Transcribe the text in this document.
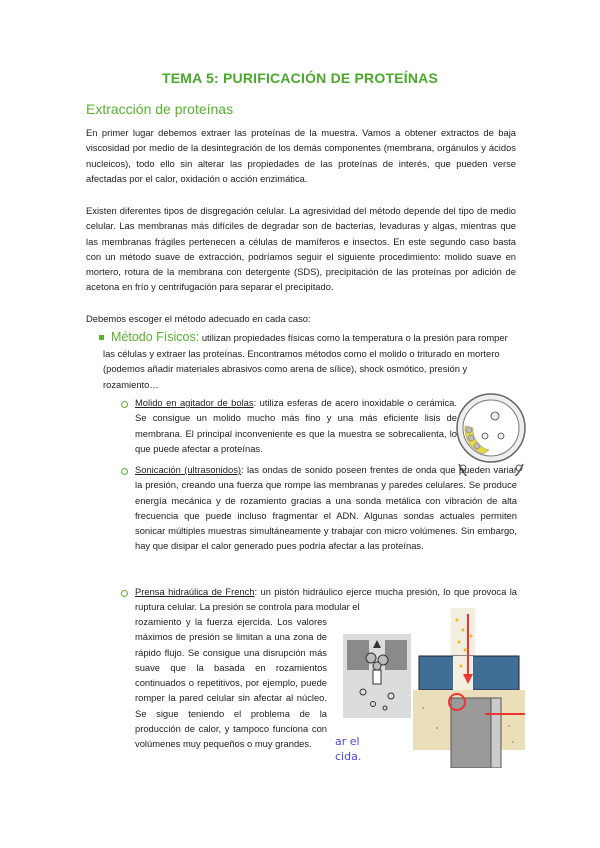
TEMA 5: PURIFICACIÓN DE PROTEÍNAS
Extracción de proteínas
En primer lugar debemos extraer las proteínas de la muestra. Vamos a obtener extractos de baja viscosidad por medio de la desintegración de los demás componentes (membrana, orgánulos y ácidos nucleicos), todo ello sin alterar las propiedades de las proteínas de interés, que pueden verse afectadas por el calor, oxidación o acción enzimática.
Existen diferentes tipos de disgregación celular. La agresividad del método depende del tipo de medio celular. Las membranas más difíciles de degradar son de bacterias, levaduras y algas, mientras que las membranas frágiles pertenecen a células de mamíferos e insectos. En este segundo caso basta con un método suave de extracción, podríamos seguir el siguiente procedimiento: molido suave en mortero, rotura de la membrana con detergente (SDS), precipitación de las proteínas por adición de acetona en frío y centrifugación para separar el precipitado.
Debemos escoger el método adecuado en cada caso:
Método Físicos: utilizan propiedades físicas como la temperatura o la presión para romper las células y extraer las proteínas. Encontramos métodos como el molido o triturado en mortero (podemos añadir materiales abrasivos como arena de sílice), shock osmótico, presión y rozamiento…
Molido en agitador de bolas: utiliza esferas de acero inoxidable o cerámica. Se consigue un molido mucho más fino y una más eficiente lisis de membrana. El principal inconveniente es que la muestra se sobrecalienta, lo que puede afectar a proteínas.
Sonicación (ultrasonidos): las ondas de sonido poseen frentes de onda que pueden variar la presión, creando una fuerza que rompe las membranas y paredes celulares. Se produce energía mecánica y de rozamiento gracias a una sonda metálica con vibración de alta frecuencia que puede incluso fragmentar el ADN. Algunas sondas actuales permiten sonicar múltiples muestras simultáneamente y trabajar con micro volúmenes. Sin embargo, hay que disipar el calor generado pues podría afectar a las proteínas.
Prensa hidraúlica de French: un pistón hidráulico ejerce mucha presión, lo que provoca la ruptura celular. La presión se controla para modular el
ar el
cida.
rozamiento y la fuerza ejercida. Los valores máximos de presión se limitan a una zona de rápido flujo. Se consigue una disrupción más suave que la basada en rozamientos continuados o repetitivos, por ejemplo, puede romper la pared celular sin afectar al núcleo. Se sigue teniendo el problema de la producción de calor, y tampoco funciona con volúmenes muy pequeños o muy grandes.
